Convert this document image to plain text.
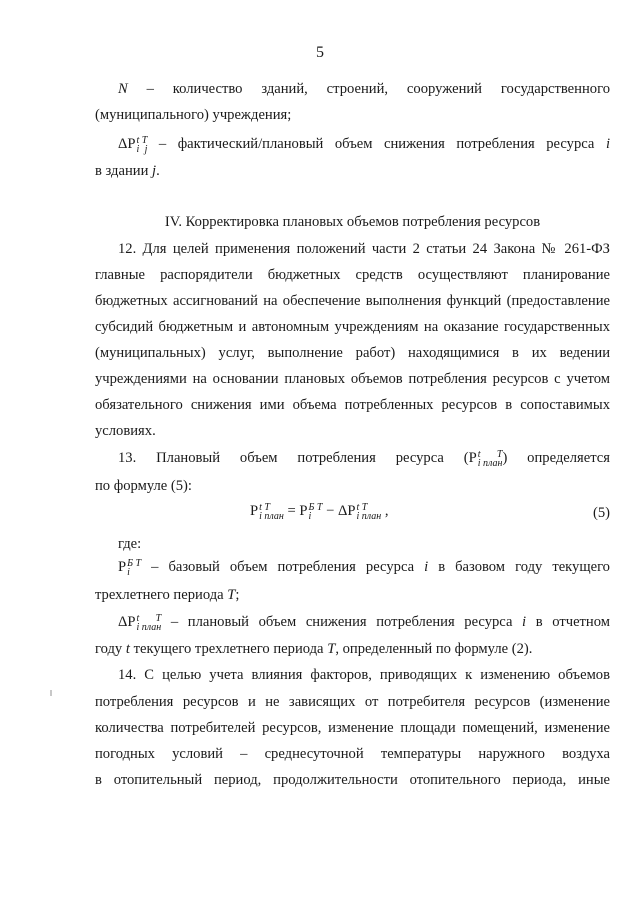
5
N – количество зданий, строений, сооружений государственного
(муниципального) учреждения;
ΔР t T
i j – фактический/плановый объем снижения потребления ресурса i
в здании j.
IV. Корректировка плановых объемов потребления ресурсов
12. Для целей применения положений части 2 статьи 24 Закона № 261-ФЗ
главные распорядители бюджетных средств осуществляют планирование
бюджетных ассигнований на обеспечение выполнения функций (предоставление
субсидий бюджетным и автономным учреждениям на оказание государственных
(муниципальных) услуг, выполнение работ) находящимися в их ведении
учреждениями на основании плановых объемов потребления ресурсов с учетом
обязательного снижения ими объема потребленных ресурсов в сопоставимых
условиях.
13. Плановый объем потребления ресурса (Р t T
i план ) определяется
по формуле (5):
Р t T
i план = Р Б T
i − ΔР t T
i план ,	(5)
где:
Р Б T
i	– базовый объем потребления ресурса i в базовом году текущего
трехлетнего периода T;
ΔР t T
i план – плановый объем снижения потребления ресурса i в отчетном
году t текущего трехлетнего периода T, определенный по формуле (2).
14. С целью учета влияния факторов, приводящих к изменению объемов
потребления ресурсов и не зависящих от потребителя ресурсов (изменение
количества потребителей ресурсов, изменение площади помещений, изменение
погодных условий – среднесуточной температуры наружного воздуха
в отопительный период, продолжительности отопительного периода, иные
